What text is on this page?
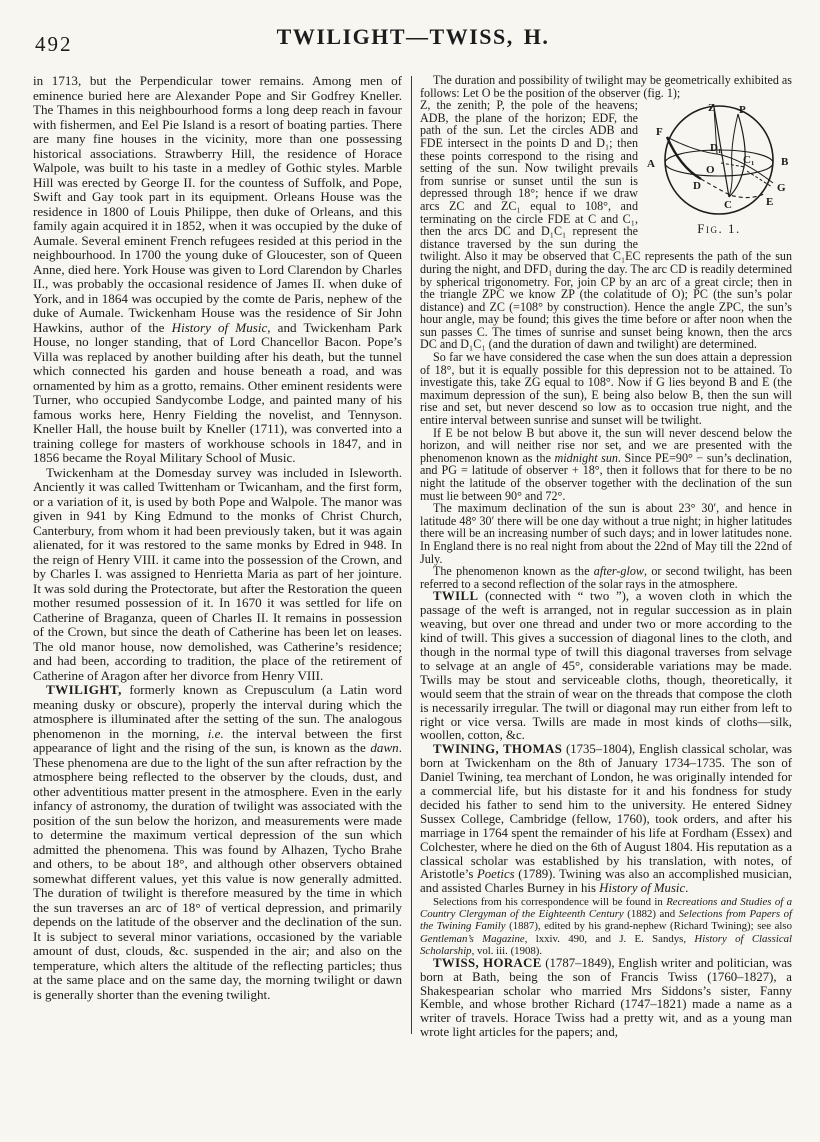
492	TWILIGHT—TWISS, H.

in 1713, but the Perpendicular tower remains. Among men of eminence buried here are Alexander Pope and Sir Godfrey Kneller. The Thames in this neighbourhood forms a long deep reach in favour with fishermen, and Eel Pie Island is a resort of boating parties. There are many fine houses in the vicinity, more than one possessing historical associations. Strawberry Hill, the residence of Horace Walpole, was built to his taste in a medley of Gothic styles. Marble Hill was erected by George II. for the countess of Suffolk, and Pope, Swift and Gay took part in its equipment. Orleans House was the residence in 1800 of Louis Philippe, then duke of Orleans, and this family again acquired it in 1852, when it was occupied by the duke of Aumale. Several eminent French refugees resided at this period in the neighbourhood. In 1700 the young duke of Gloucester, son of Queen Anne, died here. York House was given to Lord Clarendon by Charles II., was probably the occasional residence of James II. when duke of York, and in 1864 was occupied by the comte de Paris, nephew of the duke of Aumale. Twickenham House was the residence of Sir John Hawkins, author of the History of Music, and Twickenham Park House, no longer standing, that of Lord Chancellor Bacon. Pope’s Villa was replaced by another building after his death, but the tunnel which connected his garden and house beneath a road, and was ornamented by him as a grotto, remains. Other eminent residents were Turner, who occupied Sandycombe Lodge, and painted many of his famous works here, Henry Fielding the novelist, and Tennyson. Kneller Hall, the house built by Kneller (1711), was converted into a training college for masters of workhouse schools in 1847, and in 1856 became the Royal Military School of Music.

Twickenham at the Domesday survey was included in Isleworth. Anciently it was called Twittenham or Twicanham, and the first form, or a variation of it, is used by both Pope and Walpole. The manor was given in 941 by King Edmund to the monks of Christ Church, Canterbury, from whom it had been previously taken, but it was again alienated, for it was restored to the same monks by Edred in 948. In the reign of Henry VIII. it came into the possession of the Crown, and by Charles I. was assigned to Henrietta Maria as part of her jointure. It was sold during the Protectorate, but after the Restoration the queen mother resumed possession of it. In 1670 it was settled for life on Catherine of Braganza, queen of Charles II. It remains in possession of the Crown, but since the death of Catherine has been let on leases. The old manor house, now demolished, was Catherine’s residence; and had been, according to tradition, the place of the retirement of Catherine of Aragon after her divorce from Henry VIII.

TWILIGHT, formerly known as Crepusculum (a Latin word meaning dusky or obscure), properly the interval during which the atmosphere is illuminated after the setting of the sun. The analogous phenomenon in the morning, i.e. the interval between the first appearance of light and the rising of the sun, is known as the dawn. These phenomena are due to the light of the sun after refraction by the atmosphere being reflected to the observer by the clouds, dust, and other adventitious matter present in the atmosphere. Even in the early infancy of astronomy, the duration of twilight was associated with the position of the sun below the horizon, and measurements were made to determine the maximum vertical depression of the sun which admitted the phenomena. This was found by Alhazen, Tycho Brahe and others, to be about 18°, and although other observers obtained somewhat different values, yet this value is now generally admitted. The duration of twilight is therefore measured by the time in which the sun traverses an arc of 18° of vertical depression, and primarily depends on the latitude of the observer and the declination of the sun. It is subject to several minor variations, occasioned by the variable amount of dust, clouds, &c. suspended in the air; and also on the temperature, which alters the altitude of the reflecting particles; thus at the same place and on the same day, the morning twilight or dawn is generally shorter than the evening twilight.

The duration and possibility of twilight may be geometrically exhibited as follows: Let O be the position of the observer (fig. 1);

Z P
F
A	B
O
D₁
C₁
D
C
G
E
Fig. 1.

Z, the zenith; P, the pole of the heavens; ADB, the plane of the horizon; EDF, the path of the sun. Let the circles ADB and FDE intersect in the points D and D₁; then these points correspond to the rising and setting of the sun. Now twilight prevails from sunrise or sunset until the sun is depressed through 18°; hence if we draw arcs ZC and ZC₁ equal to 108°, and terminating on the circle FDE at C and C₁, then the arcs DC and D₁C₁ represent the distance traversed by the sun during the twilight. Also it may be observed that C₁EC represents the path of the sun during the night, and DFD₁ during the day. The arc CD is readily determined by spherical trigonometry. For, join CP by an arc of a great circle; then in the triangle ZPC we know ZP (the colatitude of O); PC (the sun’s polar distance) and ZC (=108° by construction). Hence the angle ZPC, the sun’s hour angle, may be found; this gives the time before or after noon when the sun passes C. The times of sunrise and sunset being known, then the arcs DC and D₁C₁ (and the duration of dawn and twilight) are determined.

So far we have considered the case when the sun does attain a depression of 18°, but it is equally possible for this depression not to be attained. To investigate this, take ZG equal to 108°. Now if G lies beyond B and E (the maximum depression of the sun), E being also below B, then the sun will rise and set, but never descend so low as to occasion true night, and the entire interval between sunrise and sunset will be twilight.

If E be not below B but above it, the sun will never descend below the horizon, and will neither rise nor set, and we are presented with the phenomenon known as the midnight sun. Since PE=90° − sun’s declination, and PG = latitude of observer + 18°, then it follows that for there to be no night the latitude of the observer together with the declination of the sun must lie between 90° and 72°.

The maximum declination of the sun is about 23° 30′, and hence in latitude 48° 30′ there will be one day without a true night; in higher latitudes there will be an increasing number of such days; and in lower latitudes none. In England there is no real night from about the 22nd of May till the 22nd of July.

The phenomenon known as the after-glow, or second twilight, has been referred to a second reflection of the solar rays in the atmosphere.

TWILL (connected with “ two ”), a woven cloth in which the passage of the weft is arranged, not in regular succession as in plain weaving, but over one thread and under two or more according to the kind of twill. This gives a succession of diagonal lines to the cloth, and though in the normal type of twill this diagonal traverses from selvage to selvage at an angle of 45°, considerable variations may be made. Twills may be stout and serviceable cloths, though, theoretically, it would seem that the strain of wear on the threads that compose the cloth is necessarily irregular. The twill or diagonal may run either from left to right or vice versa. Twills are made in most kinds of cloths—silk, woollen, cotton, &c.

TWINING, THOMAS (1735–1804), English classical scholar, was born at Twickenham on the 8th of January 1734–1735. The son of Daniel Twining, tea merchant of London, he was originally intended for a commercial life, but his distaste for it and his fondness for study decided his father to send him to the university. He entered Sidney Sussex College, Cambridge (fellow, 1760), took orders, and after his marriage in 1764 spent the remainder of his life at Fordham (Essex) and Colchester, where he died on the 6th of August 1804. His reputation as a classical scholar was established by his translation, with notes, of Aristotle’s Poetics (1789). Twining was also an accomplished musician, and assisted Charles Burney in his History of Music.

Selections from his correspondence will be found in Recreations and Studies of a Country Clergyman of the Eighteenth Century (1882) and Selections from Papers of the Twining Family (1887), edited by his grand-nephew (Richard Twining); see also Gentleman’s Magazine, lxxiv. 490, and J. E. Sandys, History of Classical Scholarship, vol. iii. (1908).

TWISS, HORACE (1787–1849), English writer and politician, was born at Bath, being the son of Francis Twiss (1760–1827), a Shakespearian scholar who married Mrs Siddons’s sister, Fanny Kemble, and whose brother Richard (1747–1821) made a name as a writer of travels. Horace Twiss had a pretty wit, and as a young man wrote light articles for the papers; and,
